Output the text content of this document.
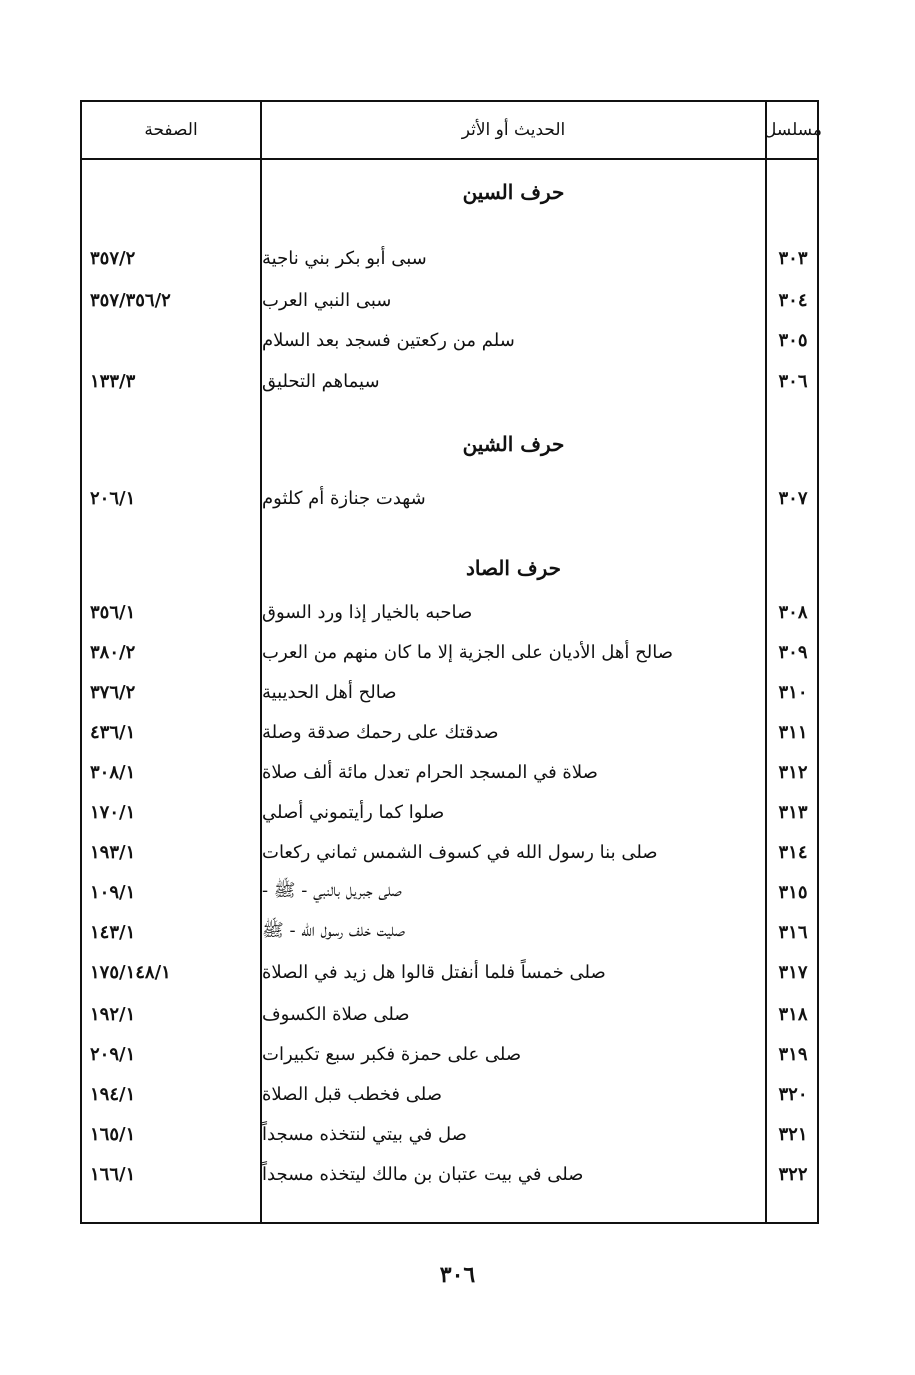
مسلسل
الحديث أو الأثر
الصفحة
حرف السين
٣٠٣
سبى أبو بكر بني ناجية
٣٥٧/٢
٣٠٤
سبى النبي العرب
٣٥٧/٣٥٦/٢
٣٠٥
سلم من ركعتين فسجد بعد السلام
٣٠٦
سيماهم التحليق
١٣٣/٣
حرف الشين
٣٠٧
شهدت جنازة أم كلثوم
٢٠٦/١
حرف الصاد
٣٠٨
صاحبه بالخيار إذا ورد السوق
٣٥٦/١
٣٠٩
صالح أهل الأديان على الجزية إلا ما كان منهم من العرب
٣٨٠/٢
٣١٠
صالح أهل الحديبية
٣٧٦/٢
٣١١
صدقتك على رحمك صدقة وصلة
٤٣٦/١
٣١٢
صلاة في المسجد الحرام تعدل مائة ألف صلاة
٣٠٨/١
٣١٣
صلوا كما رأيتموني أصلي
١٧٠/١
٣١٤
صلى بنا رسول الله في كسوف الشمس ثماني ركعات
١٩٣/١
٣١٥
صلى جبريل بالنبي - ﷺ -
١٠٩/١
٣١٦
صليت خلف رسول الله - ﷺ
١٤٣/١
٣١٧
صلى خمساً فلما أنفتل قالوا هل زيد في الصلاة
١٧٥/١٤٨/١
٣١٨
صلى صلاة الكسوف
١٩٢/١
٣١٩
صلى على حمزة فكبر سبع تكبيرات
٢٠٩/١
٣٢٠
صلى فخطب قبل الصلاة
١٩٤/١
٣٢١
صل في بيتي لنتخذه مسجداً
١٦٥/١
٣٢٢
صلى في بيت عتبان بن مالك ليتخذه مسجداً
١٦٦/١
٣٠٦
